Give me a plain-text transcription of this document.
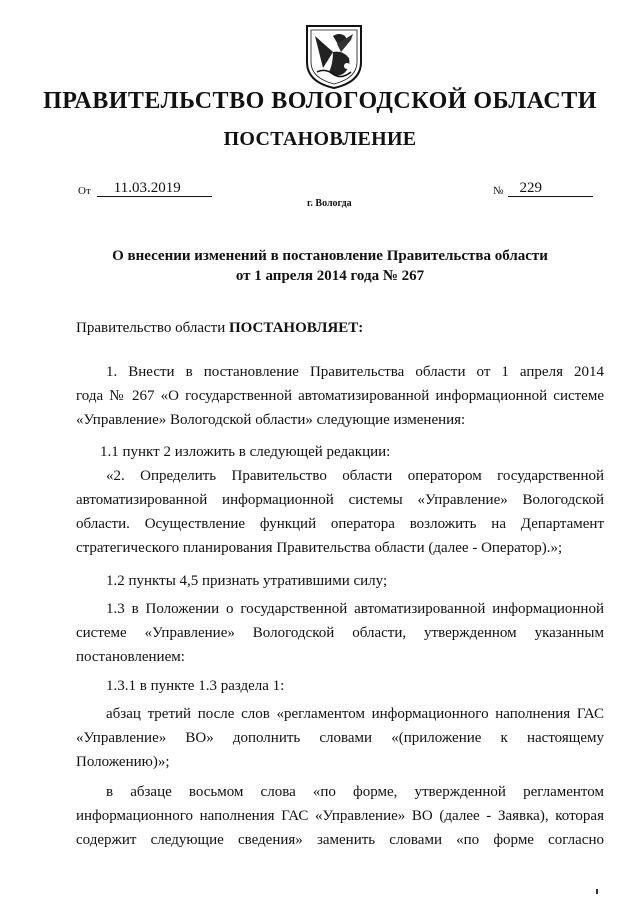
ПРАВИТЕЛЬСТВО ВОЛОГОДСКОЙ ОБЛАСТИ
ПОСТАНОВЛЕНИЕ
От	11.03.2019	№	229
г. Вологда
О внесении изменений в постановление Правительства области
от 1 апреля 2014 года № 267
Правительство области ПОСТАНОВЛЯЕТ:
1. Внести в постановление Правительства области от 1 апреля 2014
года № 267 «О государственной автоматизированной информационной системе
«Управление» Вологодской области» следующие изменения:
1.1 пункт 2 изложить в следующей редакции:
«2. Определить Правительство области оператором государственной
автоматизированной информационной системы «Управление» Вологодской
области. Осуществление функций оператора возложить на Департамент
стратегического планирования Правительства области (далее - Оператор).»;
1.2 пункты 4,5 признать утратившими силу;
1.3 в Положении о государственной автоматизированной информационной
системе «Управление» Вологодской области, утвержденном указанным
постановлением:
1.3.1 в пункте 1.3 раздела 1:
абзац третий после слов «регламентом информационного наполнения ГАС
«Управление» ВО» дополнить словами «(приложение к настоящему
Положению)»;
в абзаце восьмом слова «по форме, утвержденной регламентом
информационного наполнения ГАС «Управление» ВО (далее - Заявка), которая
содержит следующие сведения» заменить словами «по форме согласно
